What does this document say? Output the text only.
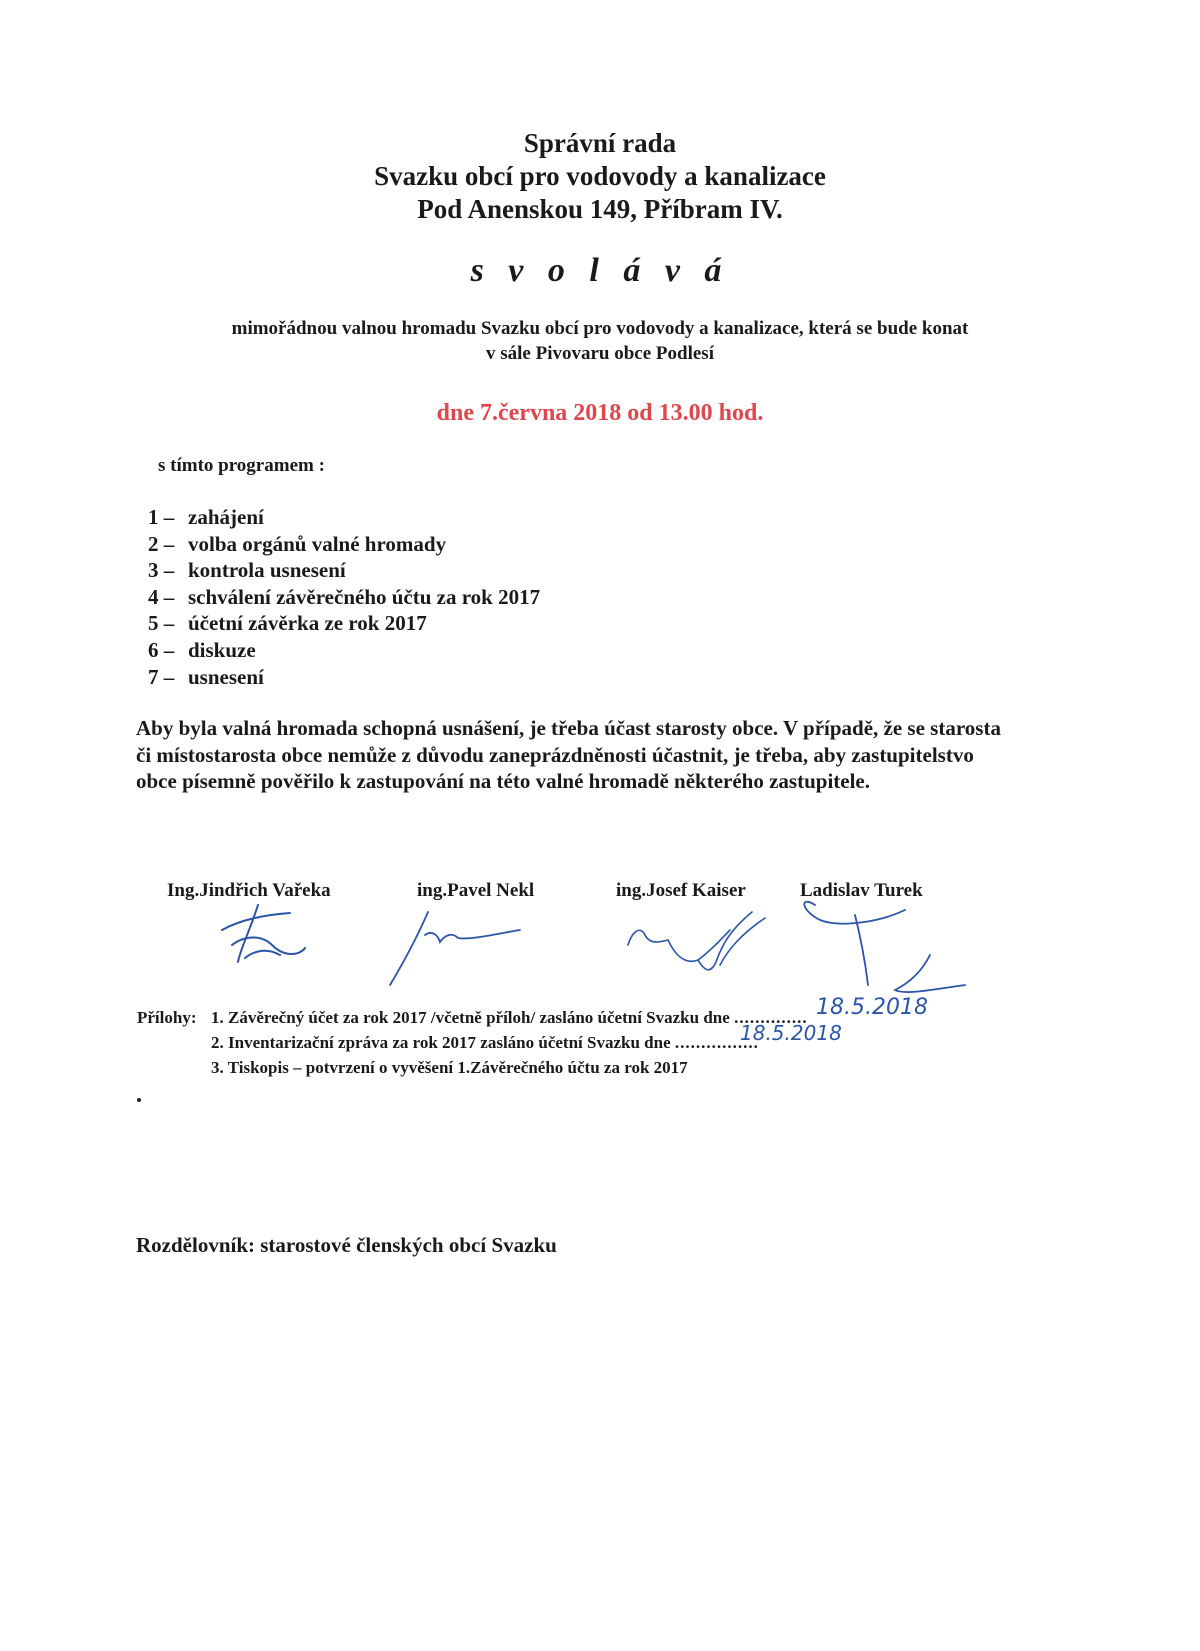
Správní rada
Svazku obcí pro vodovody a kanalizace
Pod Anenskou 149, Příbram IV.
s v o l á v á
mimořádnou valnou hromadu Svazku obcí pro vodovody a kanalizace, která se bude konat
v sále Pivovaru obce Podlesí
dne 7.června 2018 od 13.00 hod.
s tímto programem :
1 – zahájení
2 – volba orgánů valné hromady
3 – kontrola usnesení
4 – schválení závěrečného účtu za rok 2017
5 – účetní závěrka ze rok 2017
6 – diskuze
7 – usnesení
Aby byla valná hromada schopná usnášení, je třeba účast starosty obce. V případě, že se starosta či místostarosta obce nemůže z důvodu zaneprázdněnosti účastnit, je třeba, aby zastupitelstvo obce písemně pověřilo k zastupování na této valné hromadě některého zastupitele.
Ing.Jindřich Vařeka	ing.Pavel Nekl	ing.Josef Kaiser	Ladislav Turek
18.5.2018
18.5.2018
Přílohy: 1. Závěrečný účet za rok 2017 /včetně příloh/ zasláno účetní Svazku dne ..............
2. Inventarizační zpráva za rok 2017 zasláno účetní Svazku dne ................
3. Tiskopis – potvrzení o vyvěšení 1.Závěrečného účtu za rok 2017
Rozdělovník: starostové členských obcí Svazku
